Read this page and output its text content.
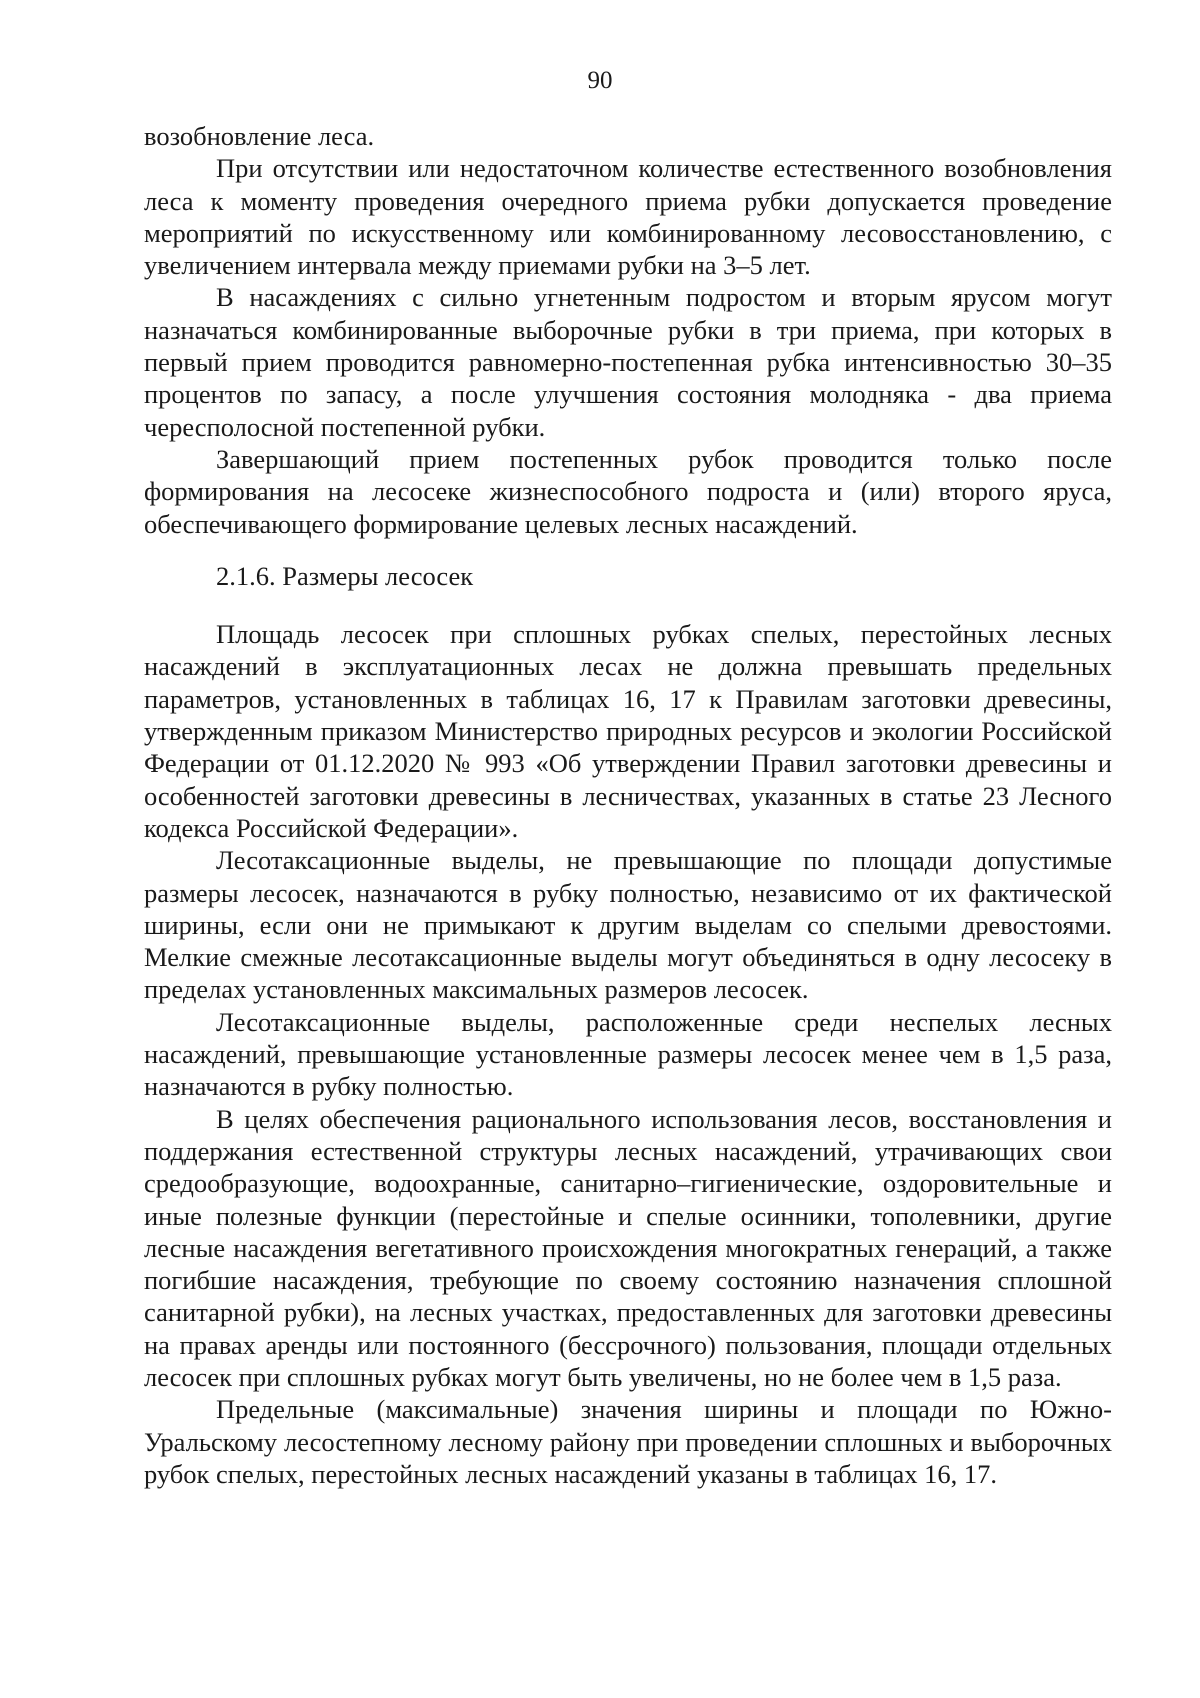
90

возобновление леса.

При отсутствии или недостаточном количестве естественного возобновления леса к моменту проведения очередного приема рубки допускается проведение мероприятий по искусственному или комбинированному лесовосстановлению, с увеличением интервала между приемами рубки на 3–5 лет.

В насаждениях с сильно угнетенным подростом и вторым ярусом могут назначаться комбинированные выборочные рубки в три приема, при которых в первый прием проводится равномерно-постепенная рубка интенсивностью 30–35 процентов по запасу, а после улучшения состояния молодняка - два приема чересполосной постепенной рубки.

Завершающий прием постепенных рубок проводится только после формирования на лесосеке жизнеспособного подроста и (или) второго яруса, обеспечивающего формирование целевых лесных насаждений.

2.1.6. Размеры лесосек

Площадь лесосек при сплошных рубках спелых, перестойных лесных насаждений в эксплуатационных лесах не должна превышать предельных параметров, установленных в таблицах 16, 17 к Правилам заготовки древесины, утвержденным приказом Министерство природных ресурсов и экологии Российской Федерации от 01.12.2020 № 993 «Об утверждении Правил заготовки древесины и особенностей заготовки древесины в лесничествах, указанных в статье 23 Лесного кодекса Российской Федерации».

Лесотаксационные выделы, не превышающие по площади допустимые размеры лесосек, назначаются в рубку полностью, независимо от их фактической ширины, если они не примыкают к другим выделам со спелыми древостоями. Мелкие смежные лесотаксационные выделы могут объединяться в одну лесосеку в пределах установленных максимальных размеров лесосек.

Лесотаксационные выделы, расположенные среди неспелых лесных насаждений, превышающие установленные размеры лесосек менее чем в 1,5 раза, назначаются в рубку полностью.

В целях обеспечения рационального использования лесов, восстановления и поддержания естественной структуры лесных насаждений, утрачивающих свои средообразующие, водоохранные, санитарно–гигиенические, оздоровительные и иные полезные функции (перестойные и спелые осинники, тополевники, другие лесные насаждения вегетативного происхождения многократных генераций, а также погибшие насаждения, требующие по своему состоянию назначения сплошной санитарной рубки), на лесных участках, предоставленных для заготовки древесины на правах аренды или постоянного (бессрочного) пользования, площади отдельных лесосек при сплошных рубках могут быть увеличены, но не более чем в 1,5 раза.

Предельные (максимальные) значения ширины и площади по Южно-Уральскому лесостепному лесному району при проведении сплошных и выборочных рубок спелых, перестойных лесных насаждений указаны в таблицах 16, 17.
